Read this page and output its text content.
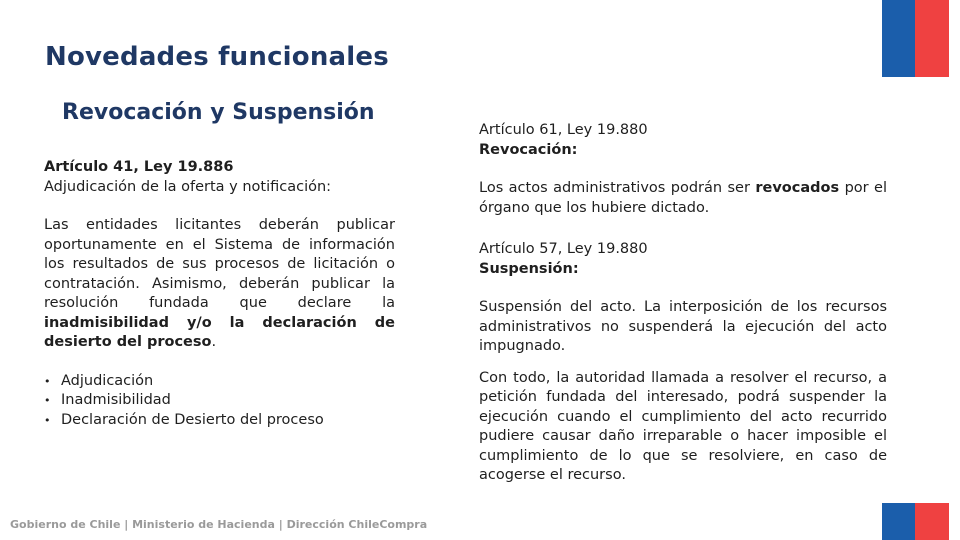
Novedades funcionales
Revocación y Suspensión
Artículo 41, Ley 19.886
Adjudicación de la oferta y notificación:

Las entidades licitantes deberán publicar oportunamente en el Sistema de información los resultados de sus procesos de licitación o contratación. Asimismo, deberán publicar la resolución fundada que declare la inadmisibilidad y/o la declaración de desierto del proceso.

• Adjudicación
• Inadmisibilidad
• Declaración de Desierto del proceso
Artículo 61, Ley 19.880
Revocación:

Los actos administrativos podrán ser revocados por el órgano que los hubiere dictado.

Artículo 57, Ley 19.880
Suspensión:

Suspensión del acto. La interposición de los recursos administrativos no suspenderá la ejecución del acto impugnado.

Con todo, la autoridad llamada a resolver el recurso, a petición fundada del interesado, podrá suspender la ejecución cuando el cumplimiento del acto recurrido pudiere causar daño irreparable o hacer imposible el cumplimiento de lo que se resolviere, en caso de acogerse el recurso.

Gobierno de Chile | Ministerio de Hacienda | Dirección ChileCompra
